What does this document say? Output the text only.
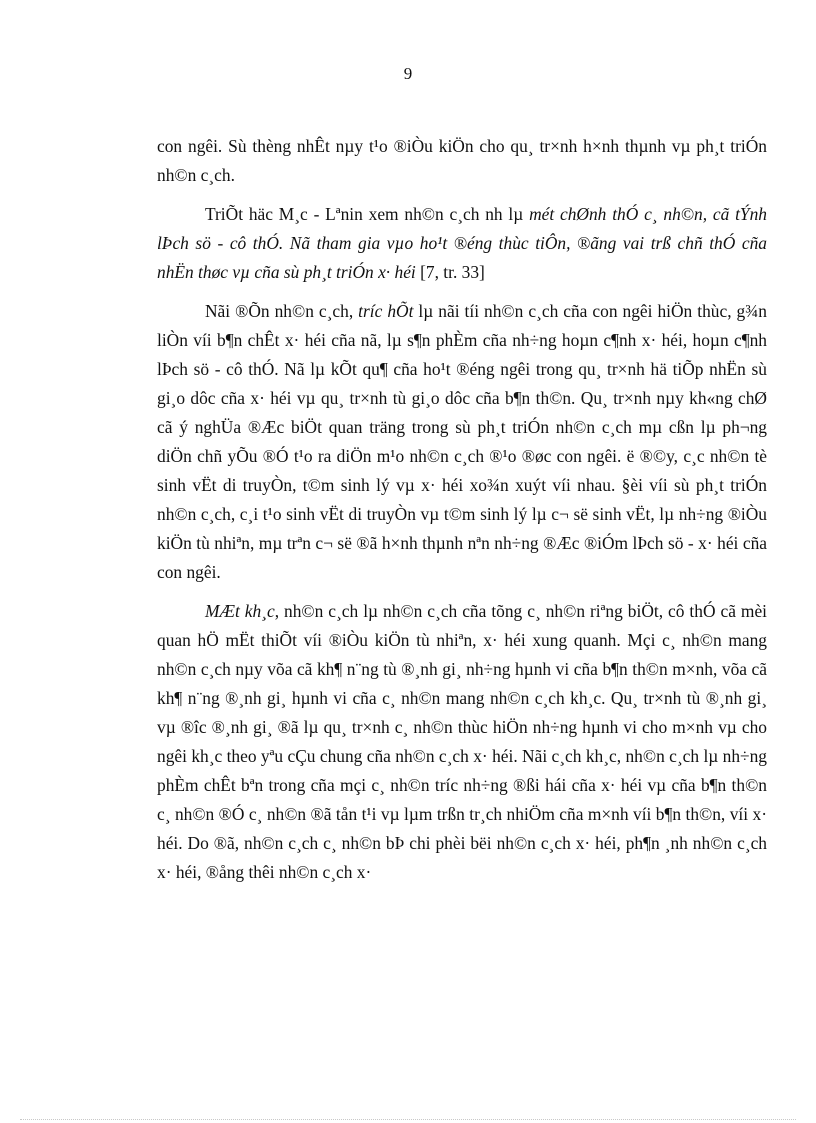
9

con ngêi. Sù thèng nhÊt nµy t¹o ®iÒu kiÖn cho qu¸ tr×nh h×nh thµnh vµ ph¸t triÓn nh©n c¸ch.

TriÕt häc M¸c - Lªnin xem nh©n c¸ch nh lµ mét chØnh thÓ c¸ nh©n, cã tÝnh lÞch sö - cô thÓ. Nã tham gia vµo ho¹t ®éng thùc tiÔn, ®ãng vai trß chñ thÓ cña nhËn thøc vµ cña sù ph¸t triÓn x· héi [7, tr. 33]

Nãi ®Õn nh©n c¸ch, tríc hÕt lµ nãi tíi nh©n c¸ch cña con ngêi hiÖn thùc, g¾n liÒn víi b¶n chÊt x· héi cña nã, lµ s¶n phÈm cña nh÷ng hoµn c¶nh x· héi, hoµn c¶nh lÞch sö - cô thÓ. Nã lµ kÕt qu¶ cña ho¹t ®éng ngêi trong qu¸ tr×nh hä tiÕp nhËn sù gi¸o dôc cña x· héi vµ qu¸ tr×nh tù gi¸o dôc cña b¶n th©n. Qu¸ tr×nh nµy kh«ng chØ cã ý nghÜa ®Æc biÖt quan träng trong sù ph¸t triÓn nh©n c¸ch mµ cßn lµ ph¬ng diÖn chñ yÕu ®Ó t¹o ra diÖn m¹o nh©n c¸ch ®¹o ®øc con ngêi. ë ®©y, c¸c nh©n tè sinh vËt di truyÒn, t©m sinh lý vµ x· héi xo¾n xuýt víi nhau. §èi víi sù ph¸t triÓn nh©n c¸ch, c¸i t¹o sinh vËt di truyÒn vµ t©m sinh lý lµ c¬ së sinh vËt, lµ nh÷ng ®iÒu kiÖn tù nhiªn, mµ trªn c¬ së ®ã h×nh thµnh nªn nh÷ng ®Æc ®iÓm lÞch sö - x· héi cña con ngêi.

MÆt kh¸c, nh©n c¸ch lµ nh©n c¸ch cña tõng c¸ nh©n riªng biÖt, cô thÓ cã mèi quan hÖ mËt thiÕt víi ®iÒu kiÖn tù nhiªn, x· héi xung quanh. Mçi c¸ nh©n mang nh©n c¸ch nµy võa cã kh¶ n¨ng tù ®¸nh gi¸ nh÷ng hµnh vi cña b¶n th©n m×nh, võa cã kh¶ n¨ng ®¸nh gi¸ hµnh vi cña c¸ nh©n mang nh©n c¸ch kh¸c. Qu¸ tr×nh tù ®¸nh gi¸ vµ ®îc ®¸nh gi¸ ®ã lµ qu¸ tr×nh c¸ nh©n thùc hiÖn nh÷ng hµnh vi cho m×nh vµ cho ngêi kh¸c theo yªu cÇu chung cña nh©n c¸ch x· héi. Nãi c¸ch kh¸c, nh©n c¸ch lµ nh÷ng phÈm chÊt bªn trong cña mçi c¸ nh©n tríc nh÷ng ®ßi hái cña x· héi vµ cña b¶n th©n c¸ nh©n ®Ó c¸ nh©n ®ã tån t¹i vµ lµm trßn tr¸ch nhiÖm cña m×nh víi b¶n th©n, víi x· héi. Do ®ã, nh©n c¸ch c¸ nh©n bÞ chi phèi bëi nh©n c¸ch x· héi, ph¶n ¸nh nh©n c¸ch x· héi, ®ång thêi nh©n c¸ch x·
